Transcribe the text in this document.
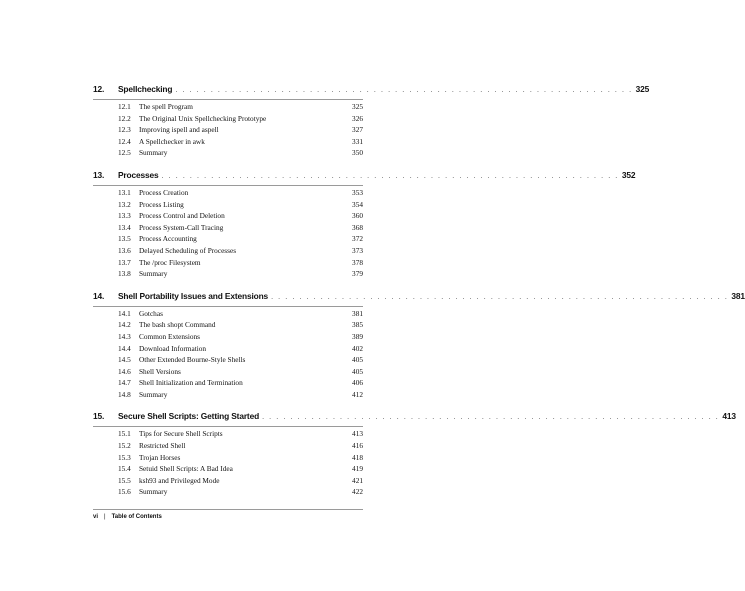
12.	Spellchecking . . . . . . . . . . . . . . . . . . . . . . . . . . . . . . . . . . . . . . . . . . . . . . . . . . . . . . . . . . . . . . . . . 325
12.1	The spell Program	325
12.2	The Original Unix Spellchecking Prototype	326
12.3	Improving ispell and aspell	327
12.4	A Spellchecker in awk	331
12.5	Summary	350
13.	Processes . . . . . . . . . . . . . . . . . . . . . . . . . . . . . . . . . . . . . . . . . . . . . . . . . . . . . . . . . . . . . . . . . 352
13.1	Process Creation	353
13.2	Process Listing	354
13.3	Process Control and Deletion	360
13.4	Process System-Call Tracing	368
13.5	Process Accounting	372
13.6	Delayed Scheduling of Processes	373
13.7	The /proc Filesystem	378
13.8	Summary	379
14.	Shell Portability Issues and Extensions . . . . . . . . . . . . . . . . . . . . . . . . . . . . . . . . . . . . . . . . . . . . . . . . . . . . . . . . . . . . . . . . . 381
14.1	Gotchas	381
14.2	The bash shopt Command	385
14.3	Common Extensions	389
14.4	Download Information	402
14.5	Other Extended Bourne-Style Shells	405
14.6	Shell Versions	405
14.7	Shell Initialization and Termination	406
14.8	Summary	412
15.	Secure Shell Scripts: Getting Started . . . . . . . . . . . . . . . . . . . . . . . . . . . . . . . . . . . . . . . . . . . . . . . . . . . . . . . . . . . . . . . . . 413
15.1	Tips for Secure Shell Scripts	413
15.2	Restricted Shell	416
15.3	Trojan Horses	418
15.4	Setuid Shell Scripts: A Bad Idea	419
15.5	ksh93 and Privileged Mode	421
15.6	Summary	422
vi | Table of Contents
